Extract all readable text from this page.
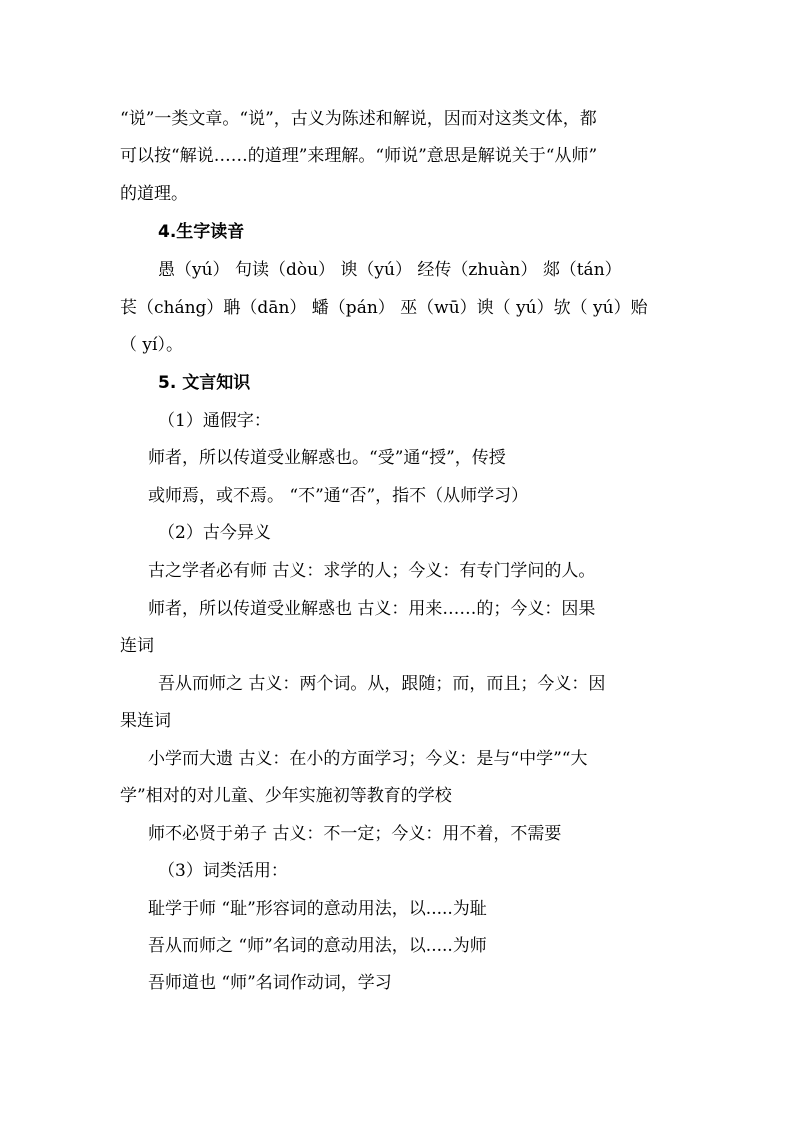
“说”一类文章。“说”，古义为陈述和解说，因而对这类文体，都
可以按“解说……的道理”来理解。“师说”意思是解说关于“从师”
的道理。
4.生字读音
愚（yú） 句读（dòu） 谀（yú） 经传（zhuàn） 郯（tán）
苌（cháng）聃（dān） 蟠（pán） 巫（wū）谀（ yú）欤（ yú）贻
（ yí）。
5. 文言知识
（1）通假字：
师者，所以传道受业解惑也。“受”通“授”，传授
或师焉，或不焉。 “不”通“否”，指不（从师学习）
（2）古今异义
古之学者必有师 古义：求学的人；今义：有专门学问的人。
师者，所以传道受业解惑也 古义：用来……的；今义：因果
连词
吾从而师之 古义：两个词。从，跟随；而，而且；今义：因
果连词
小学而大遗 古义：在小的方面学习；今义：是与“中学”“大
学”相对的对儿童、少年实施初等教育的学校
师不必贤于弟子 古义：不一定；今义：用不着，不需要
（3）词类活用：
耻学于师 “耻”形容词的意动用法，以.....为耻
吾从而师之 “师”名词的意动用法，以.....为师
吾师道也 “师”名词作动词，学习
